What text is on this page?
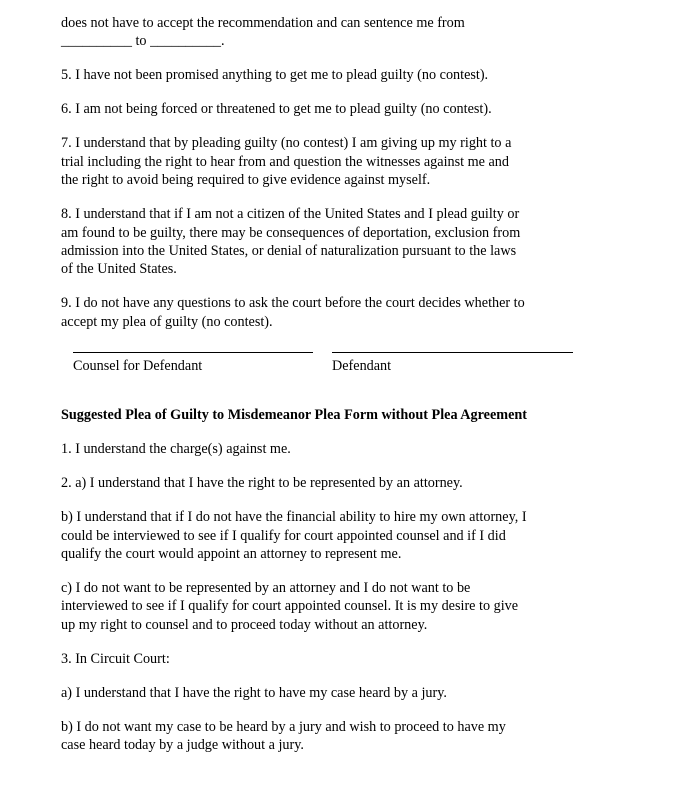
does not have to accept the recommendation and can sentence me from
__________ to __________.
5. I have not been promised anything to get me to plead guilty (no contest).
6. I am not being forced or threatened to get me to plead guilty (no contest).
7. I understand that by pleading guilty (no contest) I am giving up my right to a
trial including the right to hear from and question the witnesses against me and
the right to avoid being required to give evidence against myself.
8. I understand that if I am not a citizen of the United States and I plead guilty or
am found to be guilty, there may be consequences of deportation, exclusion from
admission into the United States, or denial of naturalization pursuant to the laws
of the United States.
9. I do not have any questions to ask the court before the court decides whether to
accept my plea of guilty (no contest).
Counsel for Defendant	Defendant
Suggested Plea of Guilty to Misdemeanor Plea Form without Plea Agreement
1. I understand the charge(s) against me.
2. a) I understand that I have the right to be represented by an attorney.
b) I understand that if I do not have the financial ability to hire my own attorney, I
could be interviewed to see if I qualify for court appointed counsel and if I did
qualify the court would appoint an attorney to represent me.
c) I do not want to be represented by an attorney and I do not want to be
interviewed to see if I qualify for court appointed counsel. It is my desire to give
up my right to counsel and to proceed today without an attorney.
3. In Circuit Court:
a) I understand that I have the right to have my case heard by a jury.
b) I do not want my case to be heard by a jury and wish to proceed to have my
case heard today by a judge without a jury.
